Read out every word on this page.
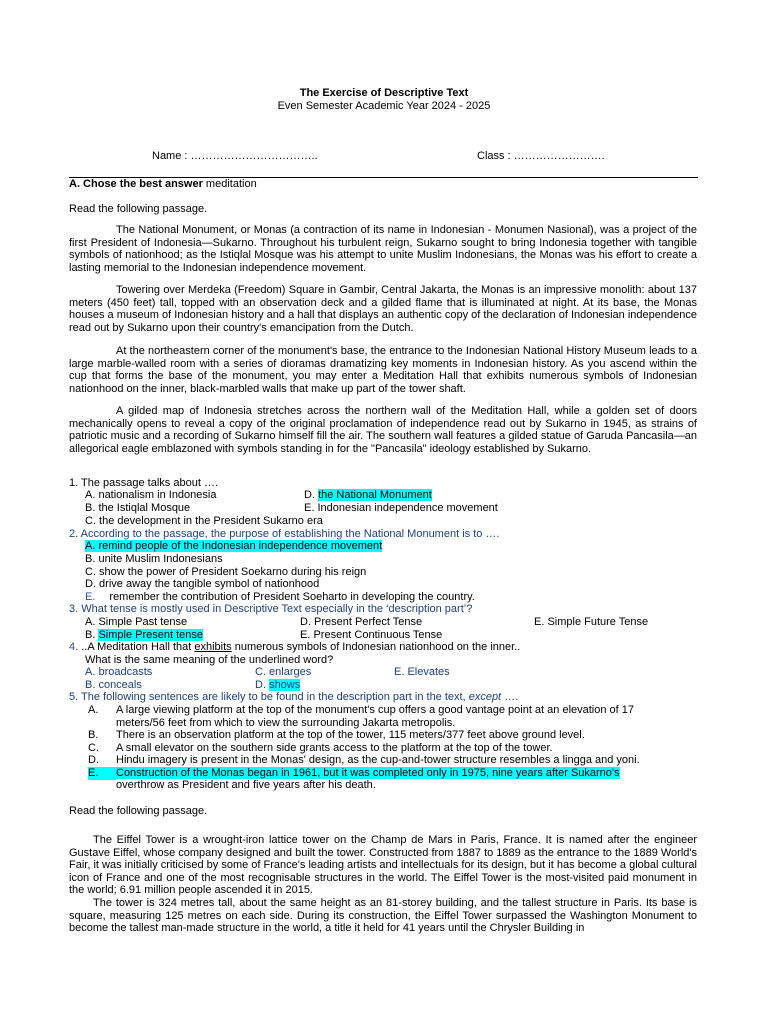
The Exercise of Descriptive Text
Even Semester Academic Year 2024 - 2025
Name : ……………………………..	Class : …………………….
A. Chose the best answer meditation
Read the following passage.
The National Monument, or Monas (a contraction of its name in Indonesian - Monumen Nasional), was a project of the first President of Indonesia—Sukarno. Throughout his turbulent reign, Sukarno sought to bring Indonesia together with tangible symbols of nationhood; as the Istiqlal Mosque was his attempt to unite Muslim Indonesians, the Monas was his effort to create a lasting memorial to the Indonesian independence movement.
Towering over Merdeka (Freedom) Square in Gambir, Central Jakarta, the Monas is an impressive monolith: about 137 meters (450 feet) tall, topped with an observation deck and a gilded flame that is illuminated at night. At its base, the Monas houses a museum of Indonesian history and a hall that displays an authentic copy of the declaration of Indonesian independence read out by Sukarno upon their country's emancipation from the Dutch.
At the northeastern corner of the monument's base, the entrance to the Indonesian National History Museum leads to a large marble-walled room with a series of dioramas dramatizing key moments in Indonesian history. As you ascend within the cup that forms the base of the monument, you may enter a Meditation Hall that exhibits numerous symbols of Indonesian nationhood on the inner, black-marbled walls that make up part of the tower shaft.
A gilded map of Indonesia stretches across the northern wall of the Meditation Hall, while a golden set of doors mechanically opens to reveal a copy of the original proclamation of independence read out by Sukarno in 1945, as strains of patriotic music and a recording of Sukarno himself fill the air. The southern wall features a gilded statue of Garuda Pancasila—an allegorical eagle emblazoned with symbols standing in for the "Pancasila" ideology established by Sukarno.
1. The passage talks about ….
A. nationalism in Indonesia	D. the National Monument
B. the Istiqlal Mosque	E. Indonesian independence movement
C. the development in the President Sukarno era
2. According to the passage, the purpose of establishing the National Monument is to ….
A. remind people of the Indonesian independence movement
B. unite Muslim Indonesians
C. show the power of President Soekarno during his reign
D. drive away the tangible symbol of nationhood
E. remember the contribution of President Soeharto in developing the country.
3. What tense is mostly used in Descriptive Text especially in the ‘description part’?
A. Simple Past tense	D. Present Perfect Tense	E. Simple Future Tense
B. Simple Present tense	E. Present Continuous Tense
4. ..A Meditation Hall that exhibits numerous symbols of Indonesian nationhood on the inner..
What is the same meaning of the underlined word?
A. broadcasts	C. enlarges	E. Elevates
B. conceals	D. shows
5. The following sentences are likely to be found in the description part in the text, except ….
A. A large viewing platform at the top of the monument's cup offers a good vantage point at an elevation of 17 meters/56 feet from which to view the surrounding Jakarta metropolis.
B. There is an observation platform at the top of the tower, 115 meters/377 feet above ground level.
C. A small elevator on the southern side grants access to the platform at the top of the tower.
D. Hindu imagery is present in the Monas' design, as the cup-and-tower structure resembles a lingga and yoni.
E. Construction of the Monas began in 1961, but it was completed only in 1975, nine years after Sukarno's
overthrow as President and five years after his death.
Read the following passage.
The Eiffel Tower is a wrought-iron lattice tower on the Champ de Mars in Paris, France. It is named after the engineer Gustave Eiffel, whose company designed and built the tower. Constructed from 1887 to 1889 as the entrance to the 1889 World's Fair, it was initially criticised by some of France's leading artists and intellectuals for its design, but it has become a global cultural icon of France and one of the most recognisable structures in the world. The Eiffel Tower is the most-visited paid monument in the world; 6.91 million people ascended it in 2015.
The tower is 324 metres tall, about the same height as an 81-storey building, and the tallest structure in Paris. Its base is square, measuring 125 metres on each side. During its construction, the Eiffel Tower surpassed the Washington Monument to become the tallest man-made structure in the world, a title it held for 41 years until the Chrysler Building in
